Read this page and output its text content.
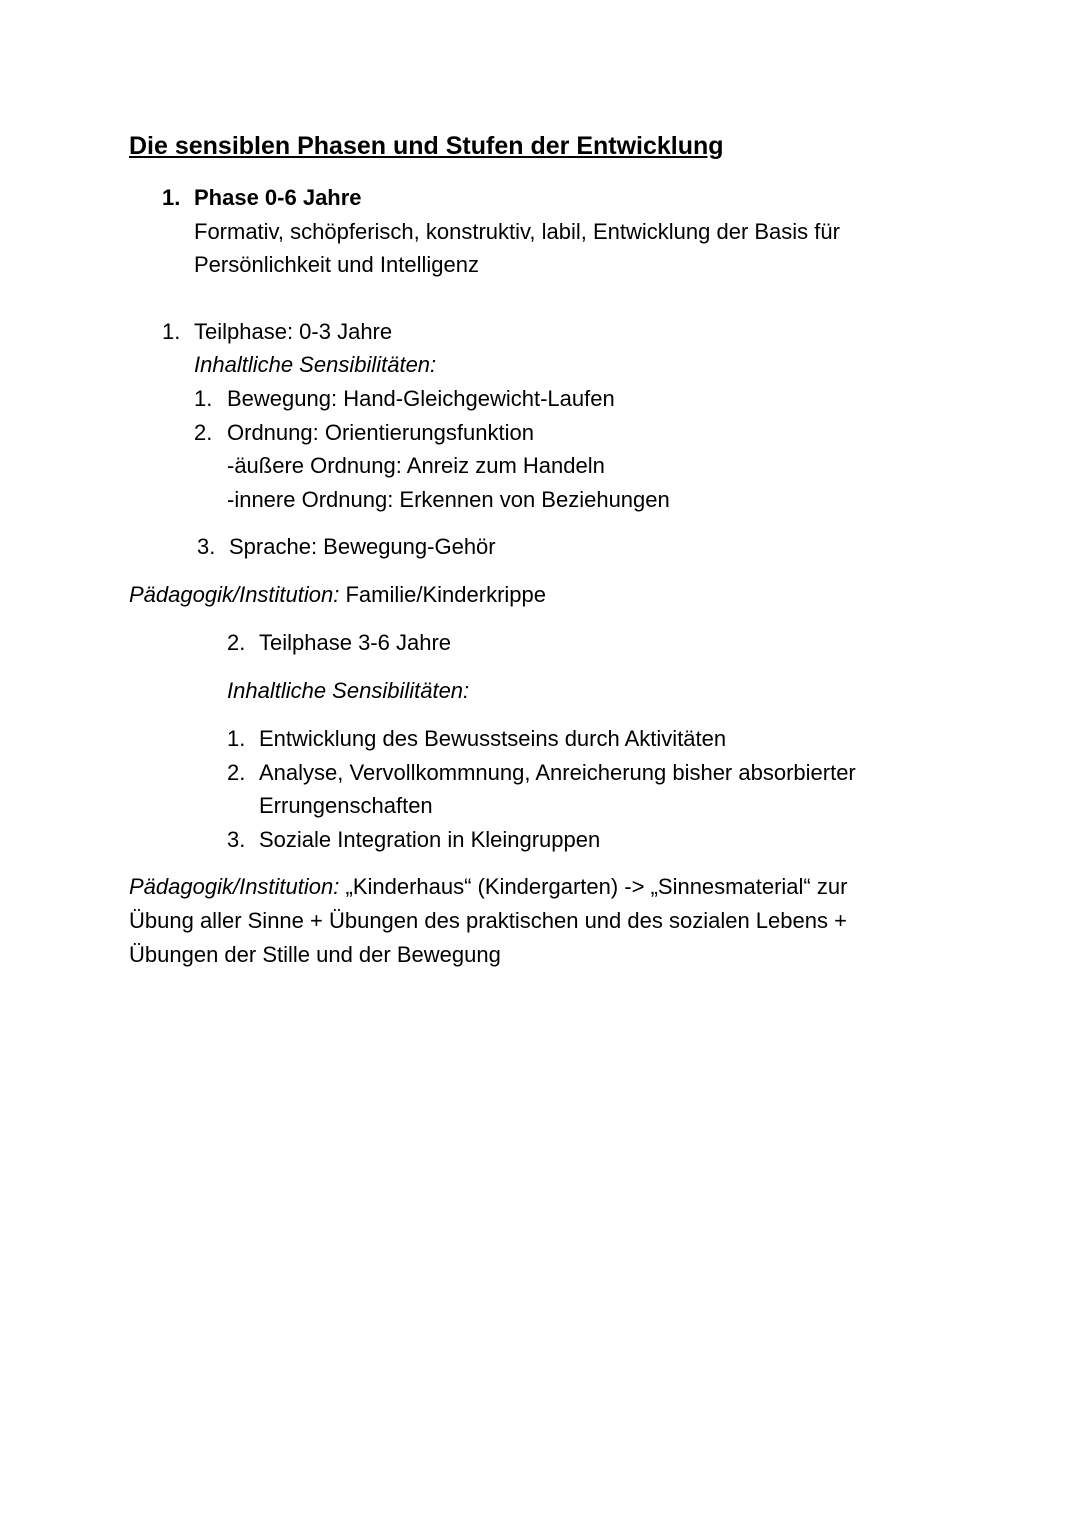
Die sensiblen Phasen und Stufen der Entwicklung
1. Phase 0-6 Jahre
Formativ, schöpferisch, konstruktiv, labil, Entwicklung der Basis für
Persönlichkeit und Intelligenz
1. Teilphase: 0-3 Jahre
Inhaltliche Sensibilitäten:
1. Bewegung: Hand-Gleichgewicht-Laufen
2. Ordnung: Orientierungsfunktion
-äußere Ordnung: Anreiz zum Handeln
-innere Ordnung: Erkennen von Beziehungen
3. Sprache: Bewegung-Gehör
Pädagogik/Institution: Familie/Kinderkrippe
2. Teilphase 3-6 Jahre
Inhaltliche Sensibilitäten:
1. Entwicklung des Bewusstseins durch Aktivitäten
2. Analyse, Vervollkommnung, Anreicherung bisher absorbierter
Errungenschaften
3. Soziale Integration in Kleingruppen
Pädagogik/Institution: „Kinderhaus“ (Kindergarten) -> „Sinnesmaterial“ zur
Übung aller Sinne + Übungen des praktischen und des sozialen Lebens +
Übungen der Stille und der Bewegung
